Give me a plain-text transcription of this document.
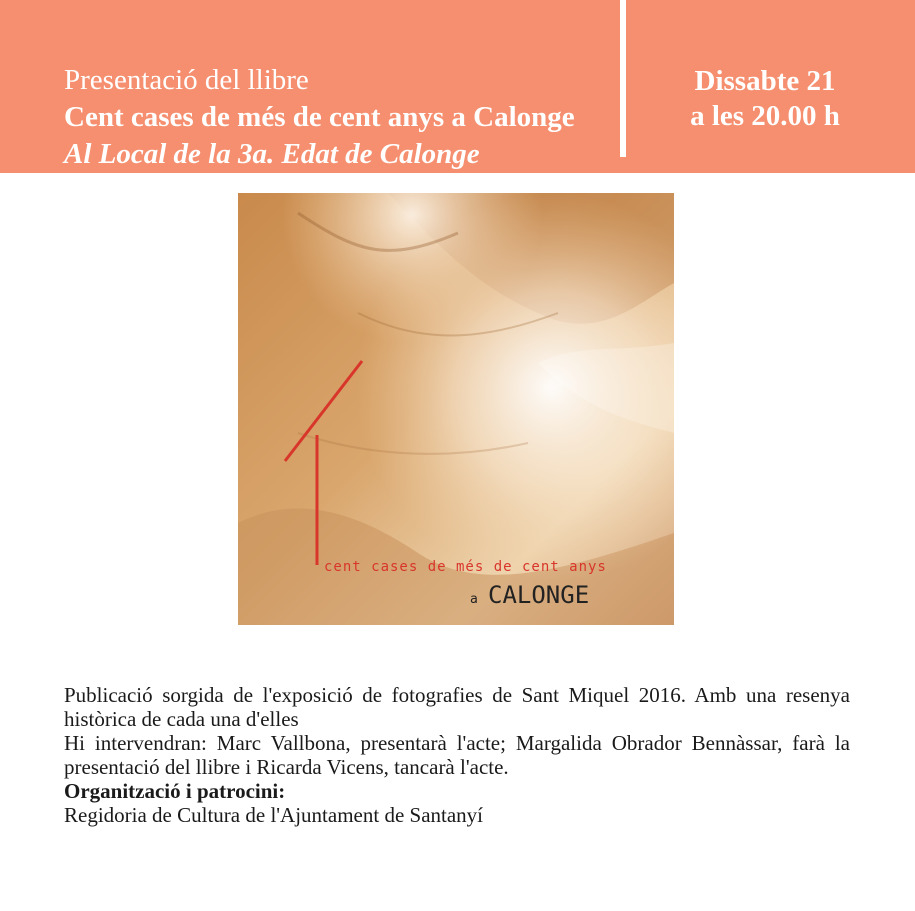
Presentació del llibre
Cent cases de més de cent anys a Calonge
Al Local de la 3a. Edat de Calonge
Dissabte 21
a les 20.00 h
cent cases de més de cent anys
a CALONGE

Publicació sorgida de l'exposició de fotografies de Sant Miquel 2016. Amb una resenya històrica de cada una d'elles

Hi intervendran: Marc Vallbona, presentarà l'acte; Margalida Obrador Bennàssar, farà la presentació del llibre i Ricarda Vicens, tancarà l'acte.

Organització i patrocini:

Regidoria de Cultura de l'Ajuntament de Santanyí
